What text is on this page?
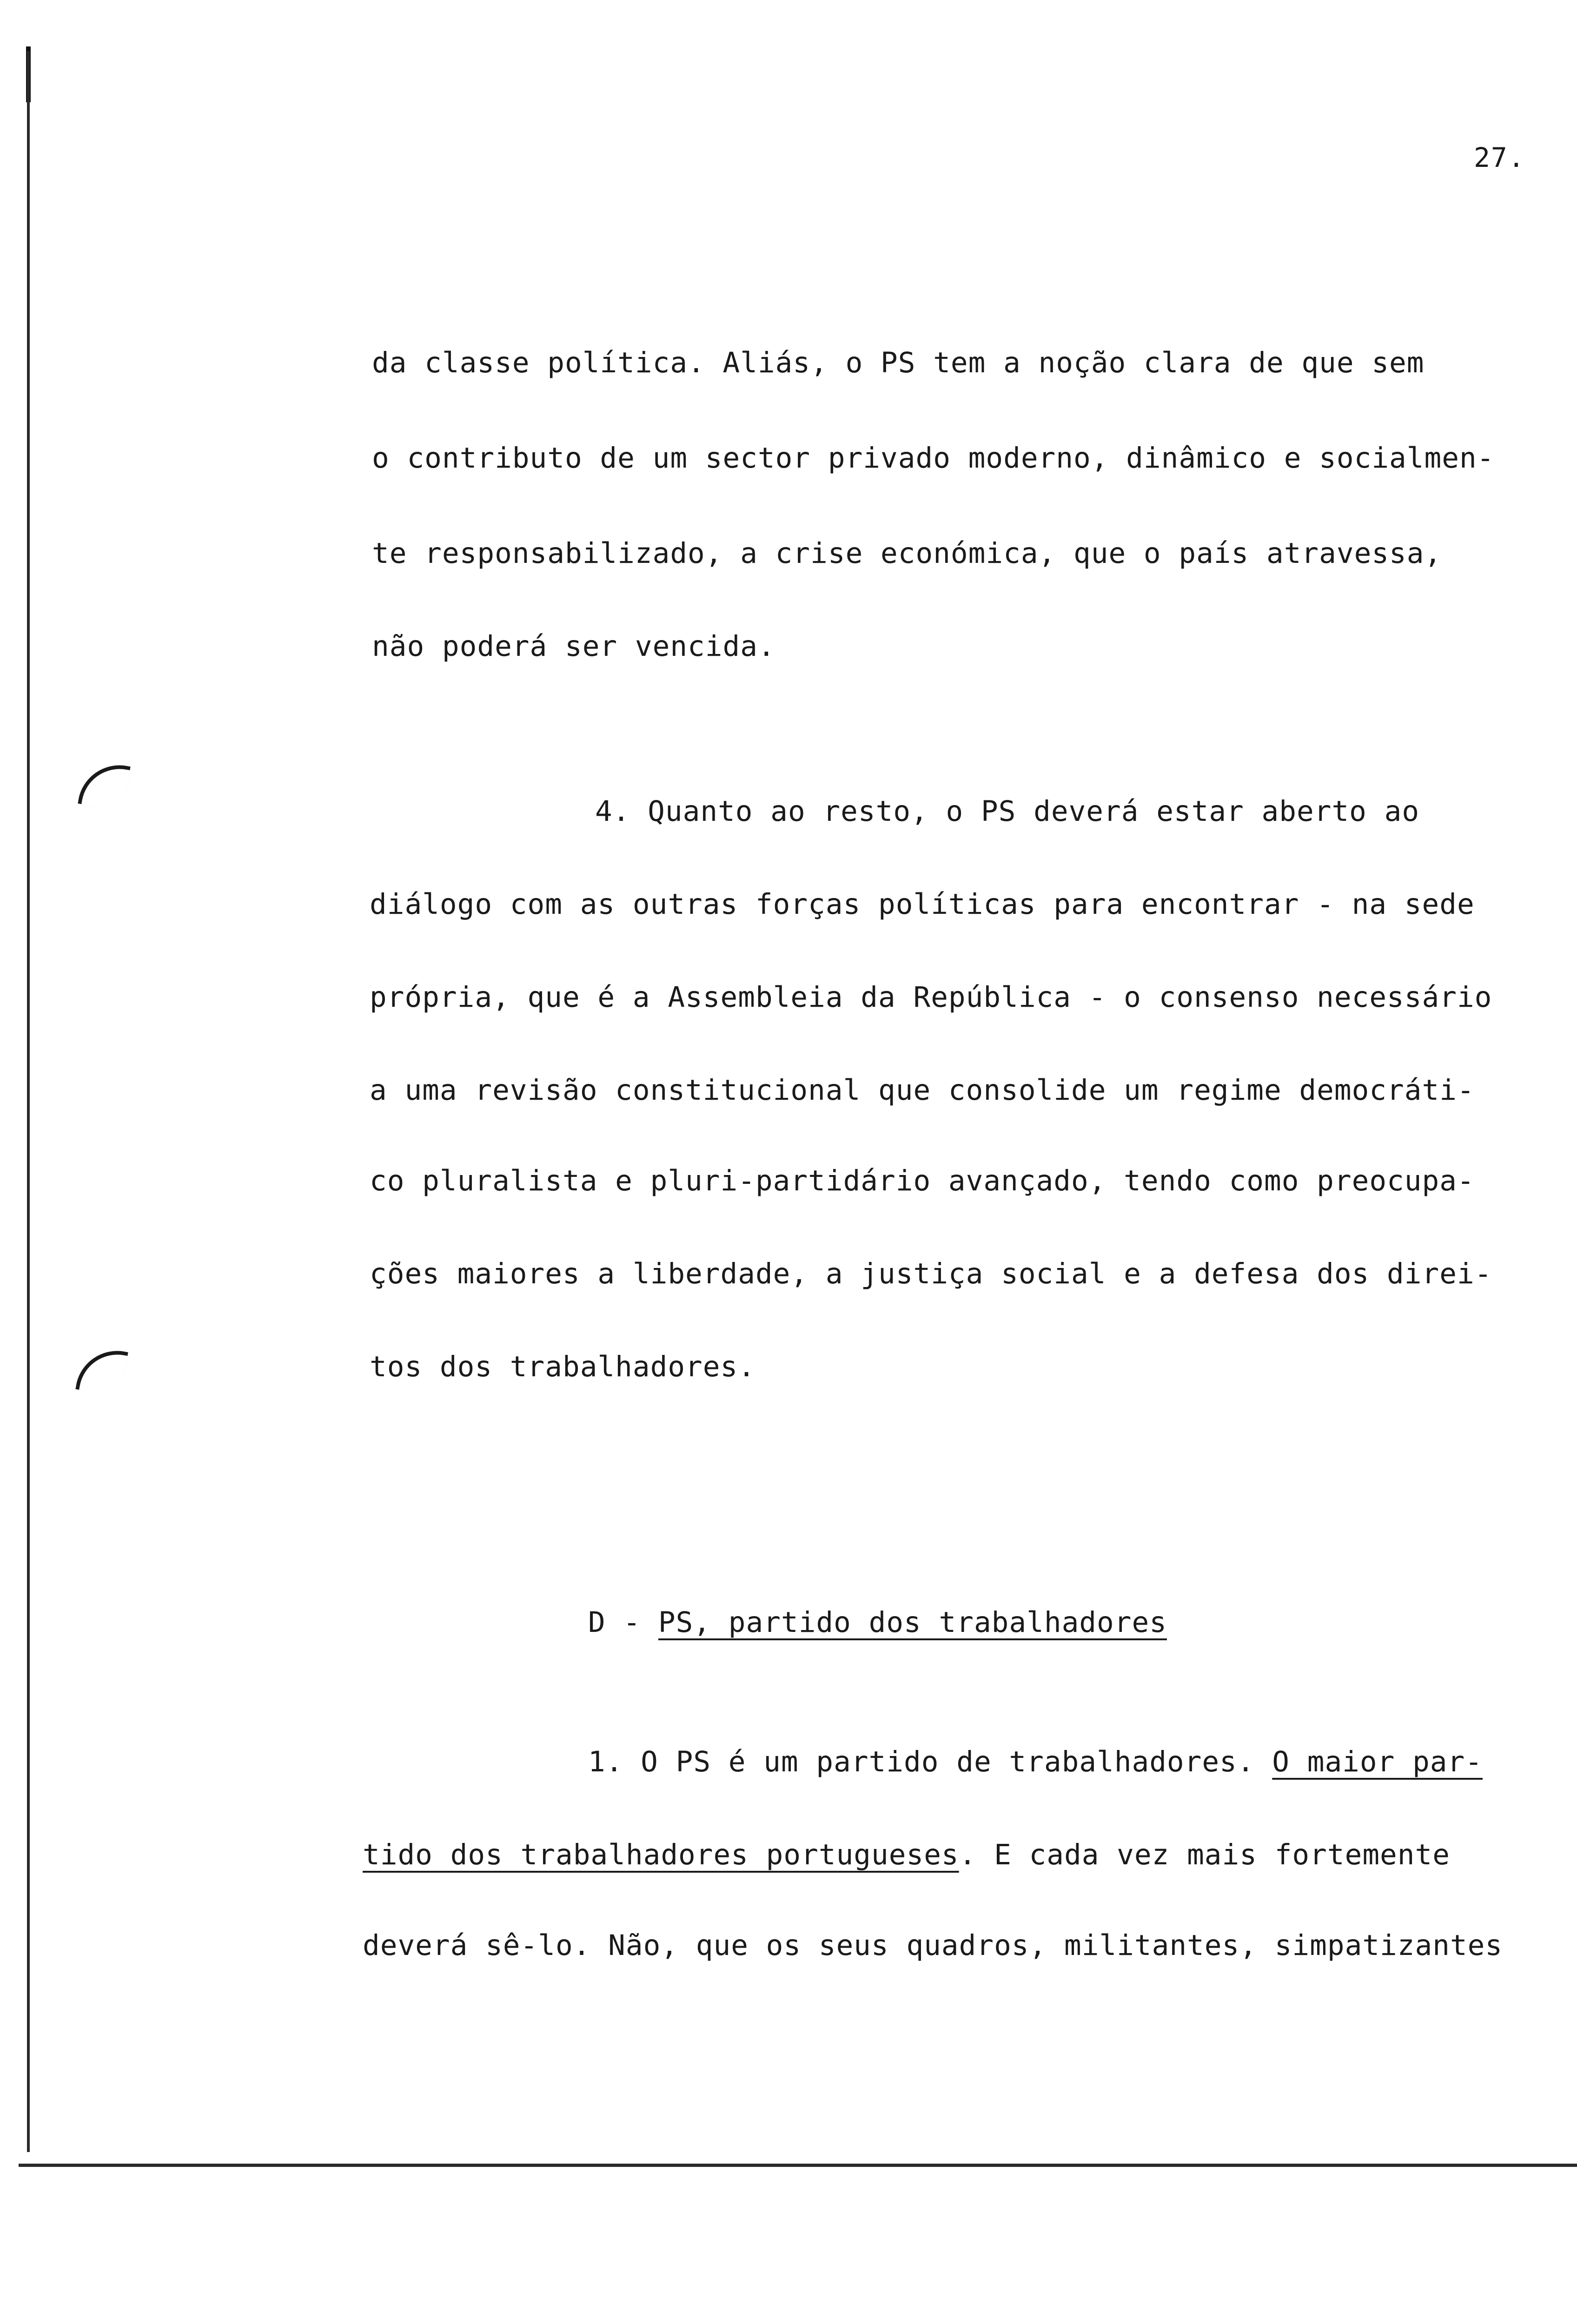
27.
da classe política. Aliás, o PS tem a noção clara de que sem
o contributo de um sector privado moderno, dinâmico e socialmen-
te responsabilizado, a crise económica, que o país atravessa,
não poderá ser vencida.
4. Quanto ao resto, o PS deverá estar aberto ao
diálogo com as outras forças políticas para encontrar - na sede
própria, que é a Assembleia da República - o consenso necessário
a uma revisão constitucional que consolide um regime democráti-
co pluralista e pluri-partidário avançado, tendo como preocupa-
ções maiores a liberdade, a justiça social e a defesa dos direi-
tos dos trabalhadores.
D - PS, partido dos trabalhadores
1. O PS é um partido de trabalhadores. O maior par-
tido dos trabalhadores portugueses. E cada vez mais fortemente
deverá sê-lo. Não, que os seus quadros, militantes, simpatizantes
